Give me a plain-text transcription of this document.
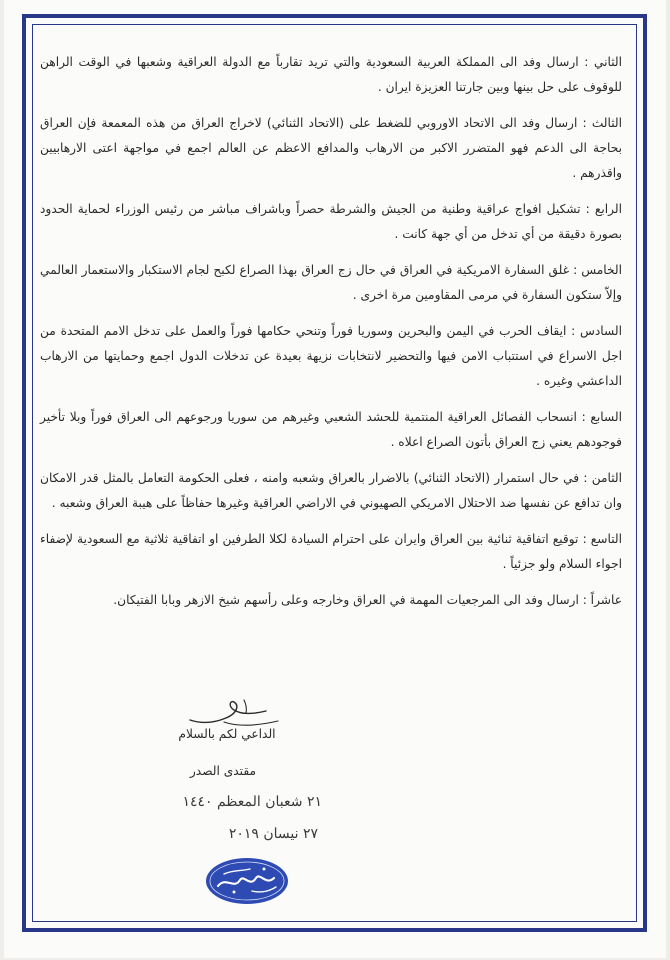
الثاني : ارسال وفد الى المملكة العربية السعودية والتي تريد تقارباً مع الدولة العراقية وشعبها في الوقت الراهن للوقوف على حل بينها وبين جارتنا العزيزة ايران .

الثالث : ارسال وفد الى الاتحاد الاوروبي للضغط على (الاتحاد الثنائي) لاخراج العراق من هذه المعمعة فإن العراق بحاجة الى الدعم فهو المتضرر الاكبر من الارهاب والمدافع الاعظم عن العالم اجمع في مواجهة اعتى الارهابيين واقذرهم .

الرابع : تشكيل افواج عراقية وطنية من الجيش والشرطة حصراً وباشراف مباشر من رئيس الوزراء لحماية الحدود بصورة دقيقة من أي تدخل من أي جهة كانت .

الخامس : غلق السفارة الامريكية في العراق في حال زج العراق بهذا الصراع لكبح لجام الاستكبار والاستعمار العالمي وإلاّ ستكون السفارة في مرمى المقاومين مرة اخرى .

السادس : ايقاف الحرب في اليمن والبحرين وسوريا فوراً وتنحي حكامها فوراً والعمل على تدخل الامم المتحدة من اجل الاسراع في استتباب الامن فيها والتحضير لانتخابات نزيهة بعيدة عن تدخلات الدول اجمع وحمايتها من الارهاب الداعشي وغيره .

السابع : انسحاب الفصائل العراقية المنتمية للحشد الشعبي وغيرهم من سوريا ورجوعهم الى العراق فوراً وبلا تأخير فوجودهم يعني زج العراق بأتون الصراع اعلاه .

الثامن : في حال استمرار (الاتحاد الثنائي) بالاضرار بالعراق وشعبه وامنه ، فعلى الحكومة التعامل بالمثل قدر الامكان وان تدافع عن نفسها ضد الاحتلال الامريكي الصهيوني في الاراضي العراقية وغيرها حفاظاً على هيبة العراق وشعبه .

التاسع : توقيع اتفاقية ثنائية بين العراق وايران على احترام السيادة لكلا الطرفين او اتفاقية ثلاثية مع السعودية لإضفاء اجواء السلام ولو جزئياً .

عاشراً : ارسال وفد الى المرجعيات المهمة في العراق وخارجه وعلى رأسهم شيخ الازهر وبابا الفتيكان.

الداعي لكم بالسلام
مقتدى الصدر
٢١ شعبان المعظم ١٤٤٠
٢٧ نيسان ٢٠١٩
